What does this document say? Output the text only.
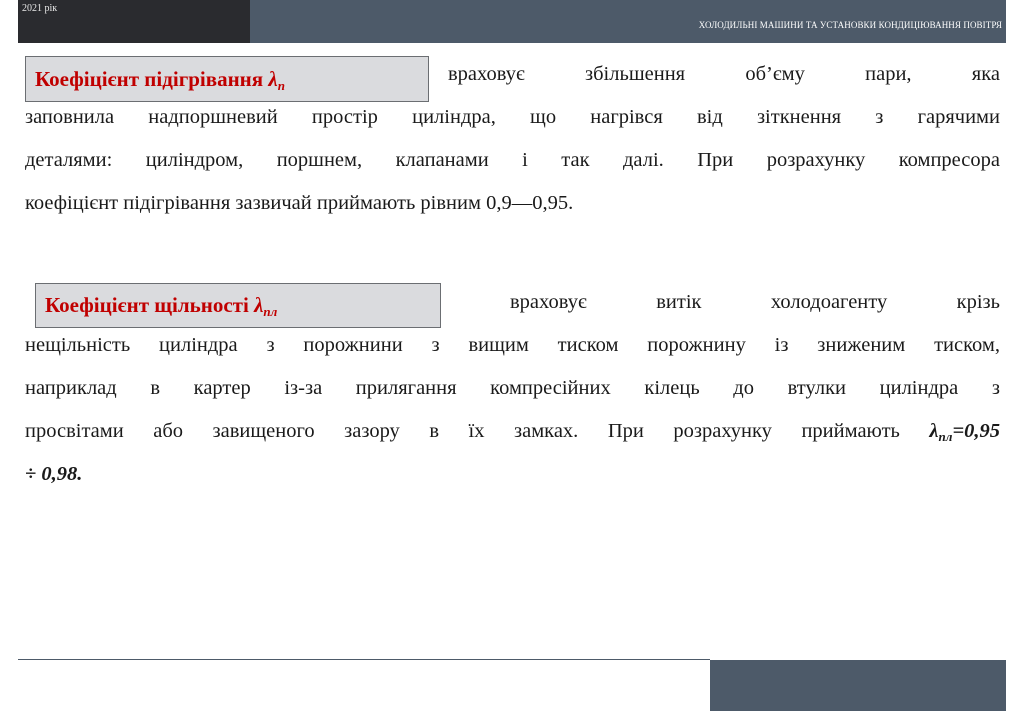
2021 рік
ХОЛОДИЛЬНІ МАШИНИ ТА УСТАНОВКИ КОНДИЦІЮВАННЯ ПОВІТРЯ
Коефіцієнт підігрівання $\lambda_п$
враховує збільшення об’єму пари, яка
заповнила надпоршневий простір циліндра, що нагрівся від зіткнення з гарячими
деталями: циліндром, поршнем, клапанами і так далі. При розрахунку компресора
коефіцієнт підігрівання зазвичай приймають рівним 0,9—0,95.
Коефіцієнт щільності $\lambda_{пл}$	враховує витік холодоагенту крізь
нещільність циліндра з порожнини з вищим тиском порожнину із зниженим тиском,
наприклад в картер із-за прилягання компресійних кілець до втулки циліндра з
просвітами або завищеного зазору в їх замках. При розрахунку приймають $\lambda_{пл}=0,95$
÷ 0,98.
